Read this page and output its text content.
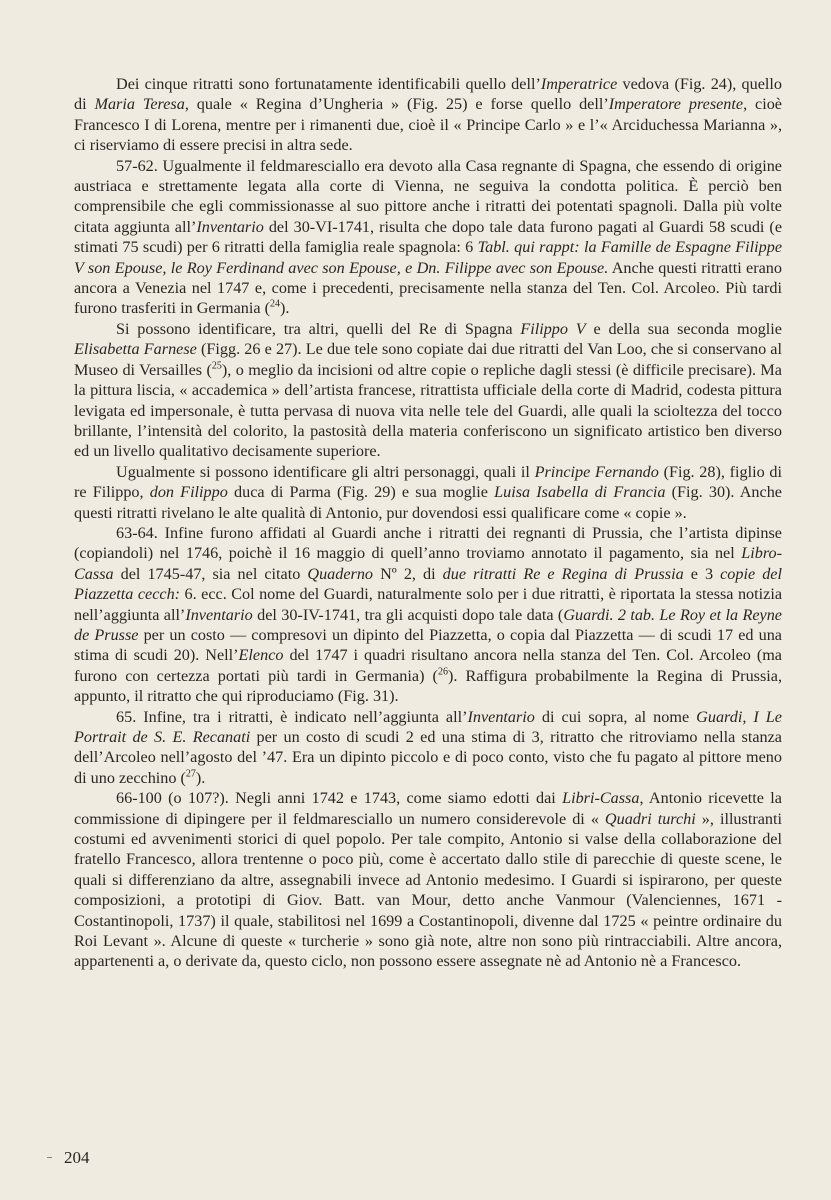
Dei cinque ritratti sono fortunatamente identificabili quello dell’Imperatrice vedova (Fig. 24), quello di Maria Teresa, quale « Regina d’Ungheria » (Fig. 25) e forse quello dell’Imperatore presente, cioè Francesco I di Lorena, mentre per i rimanenti due, cioè il « Principe Carlo » e l’« Arciduchessa Marianna », ci riserviamo di essere precisi in altra sede.

57-62. Ugualmente il feldmaresciallo era devoto alla Casa regnante di Spagna, che essendo di origine austriaca e strettamente legata alla corte di Vienna, ne seguiva la condotta politica. È perciò ben comprensibile che egli commissionasse al suo pittore anche i ritratti dei potentati spagnoli. Dalla più volte citata aggiunta all’Inventario del 30-VI-1741, risulta che dopo tale data furono pagati al Guardi 58 scudi (e stimati 75 scudi) per 6 ritratti della famiglia reale spagnola: 6 Tabl. qui rappt: la Famille de Espagne Filippe V son Epouse, le Roy Ferdinand avec son Epouse, e Dn. Filippe avec son Epouse. Anche questi ritratti erano ancora a Venezia nel 1747 e, come i precedenti, precisamente nella stanza del Ten. Col. Arcoleo. Più tardi furono trasferiti in Germania ($^{24}$).

Si possono identificare, tra altri, quelli del Re di Spagna Filippo V e della sua seconda moglie Elisabetta Farnese (Figg. 26 e 27). Le due tele sono copiate dai due ritratti del Van Loo, che si conservano al Museo di Versailles ($^{25}$), o meglio da incisioni od altre copie o repliche dagli stessi (è difficile precisare). Ma la pittura liscia, « accademica » dell’artista francese, ritrattista ufficiale della corte di Madrid, codesta pittura levigata ed impersonale, è tutta pervasa di nuova vita nelle tele del Guardi, alle quali la scioltezza del tocco brillante, l’intensità del colorito, la pastosità della materia conferiscono un significato artistico ben diverso ed un livello qualitativo decisamente superiore.

Ugualmente si possono identificare gli altri personaggi, quali il Principe Fernando (Fig. 28), figlio di re Filippo, don Filippo duca di Parma (Fig. 29) e sua moglie Luisa Isabella di Francia (Fig. 30). Anche questi ritratti rivelano le alte qualità di Antonio, pur dovendosi essi qualificare come « copie ».

63-64. Infine furono affidati al Guardi anche i ritratti dei regnanti di Prussia, che l’artista dipinse (copiandoli) nel 1746, poichè il 16 maggio di quell’anno troviamo annotato il pagamento, sia nel Libro-Cassa del 1745-47, sia nel citato Quaderno Nº 2, di due ritratti Re e Regina di Prussia e 3 copie del Piazzetta cecch: 6. ecc. Col nome del Guardi, naturalmente solo per i due ritratti, è riportata la stessa notizia nell’aggiunta all’Inventario del 30-IV-1741, tra gli acquisti dopo tale data (Guardi. 2 tab. Le Roy et la Reyne de Prusse per un costo — compresovi un dipinto del Piazzetta, o copia dal Piazzetta — di scudi 17 ed una stima di scudi 20). Nell’Elenco del 1747 i quadri risultano ancora nella stanza del Ten. Col. Arcoleo (ma furono con certezza portati più tardi in Germania) ($^{26}$). Raffigura probabilmente la Regina di Prussia, appunto, il ritratto che qui riproduciamo (Fig. 31).

65. Infine, tra i ritratti, è indicato nell’aggiunta all’Inventario di cui sopra, al nome Guardi, I Le Portrait de S. E. Recanati per un costo di scudi 2 ed una stima di 3, ritratto che ritroviamo nella stanza dell’Arcoleo nell’agosto del ’47. Era un dipinto piccolo e di poco conto, visto che fu pagato al pittore meno di uno zecchino ($^{27}$).

66-100 (o 107?). Negli anni 1742 e 1743, come siamo edotti dai Libri-Cassa, Antonio ricevette la commissione di dipingere per il feldmaresciallo un numero considerevole di « Quadri turchi », illustranti costumi ed avvenimenti storici di quel popolo. Per tale compito, Antonio si valse della collaborazione del fratello Francesco, allora trentenne o poco più, come è accertato dallo stile di parecchie di queste scene, le quali si differenziano da altre, assegnabili invece ad Antonio medesimo. I Guardi si ispirarono, per queste composizioni, a prototipi di Giov. Batt. van Mour, detto anche Vanmour (Valenciennes, 1671 - Costantinopoli, 1737) il quale, stabilitosi nel 1699 a Costantinopoli, divenne dal 1725 « peintre ordinaire du Roi Levant ». Alcune di queste « turcherie » sono già note, altre non sono più rintracciabili. Altre ancora, appartenenti a, o derivate da, questo ciclo, non possono essere assegnate nè ad Antonio nè a Francesco.

204
